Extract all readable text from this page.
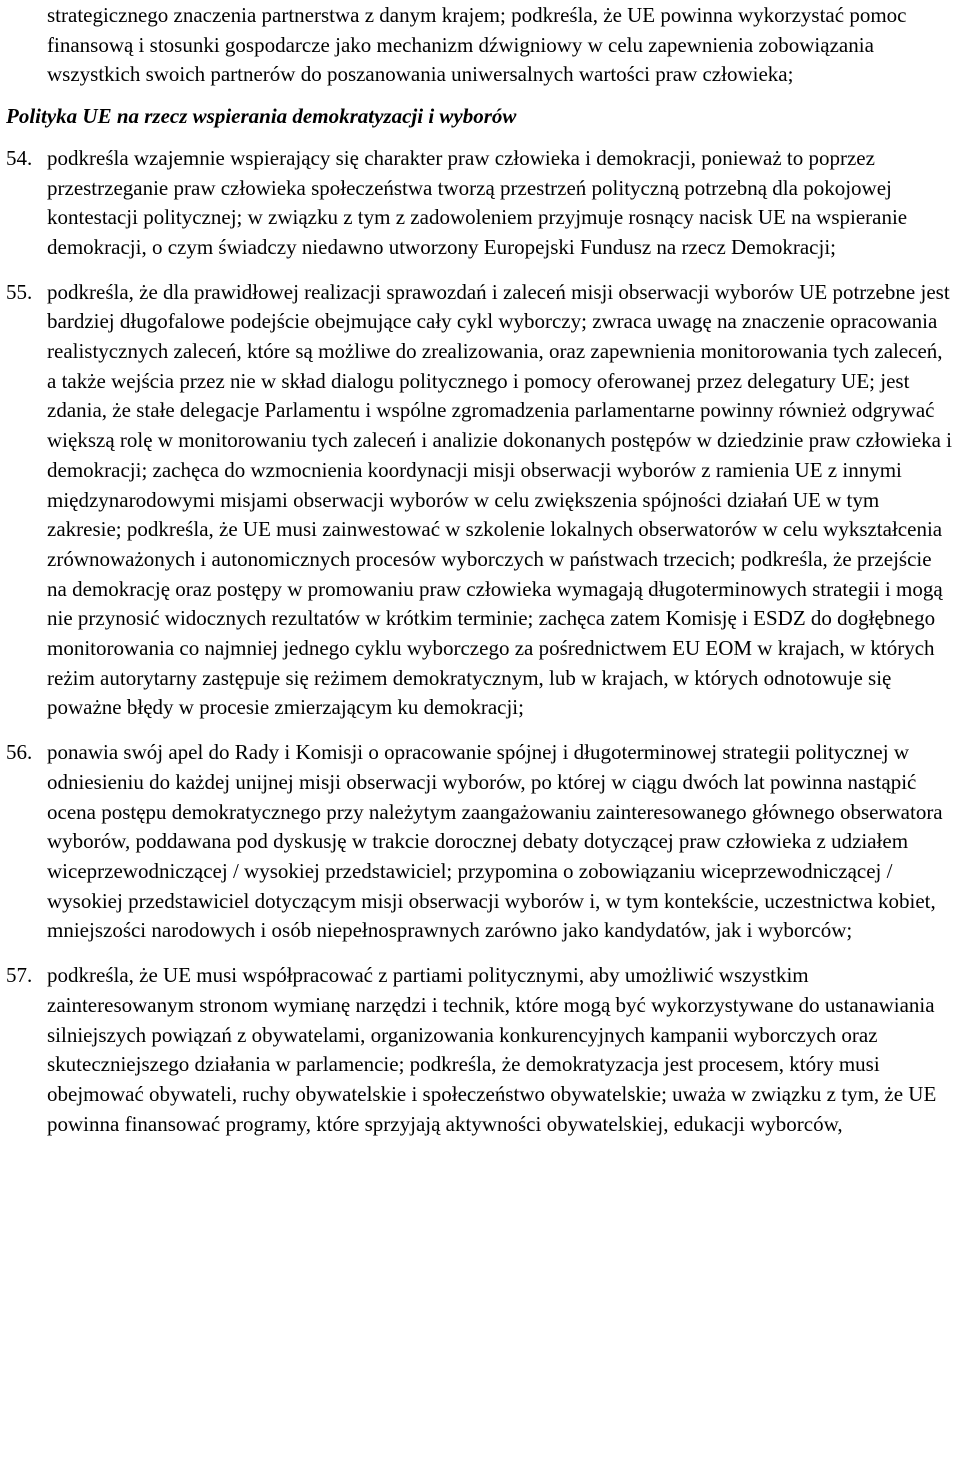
strategicznego znaczenia partnerstwa z danym krajem; podkreśla, że UE powinna wykorzystać pomoc finansową i stosunki gospodarcze jako mechanizm dźwigniowy w celu zapewnienia zobowiązania wszystkich swoich partnerów do poszanowania uniwersalnych wartości praw człowieka;

Polityka UE na rzecz wspierania demokratyzacji i wyborów
54. podkreśla wzajemnie wspierający się charakter praw człowieka i demokracji, ponieważ to poprzez przestrzeganie praw człowieka społeczeństwa tworzą przestrzeń polityczną potrzebną dla pokojowej kontestacji politycznej; w związku z tym z zadowoleniem przyjmuje rosnący nacisk UE na wspieranie demokracji, o czym świadczy niedawno utworzony Europejski Fundusz na rzecz Demokracji;

55. podkreśla, że dla prawidłowej realizacji sprawozdań i zaleceń misji obserwacji wyborów UE potrzebne jest bardziej długofalowe podejście obejmujące cały cykl wyborczy; zwraca uwagę na znaczenie opracowania realistycznych zaleceń, które są możliwe do zrealizowania, oraz zapewnienia monitorowania tych zaleceń, a także wejścia przez nie w skład dialogu politycznego i pomocy oferowanej przez delegatury UE; jest zdania, że stałe delegacje Parlamentu i wspólne zgromadzenia parlamentarne powinny również odgrywać większą rolę w monitorowaniu tych zaleceń i analizie dokonanych postępów w dziedzinie praw człowieka i demokracji; zachęca do wzmocnienia koordynacji misji obserwacji wyborów z ramienia UE z innymi międzynarodowymi misjami obserwacji wyborów w celu zwiększenia spójności działań UE w tym zakresie; podkreśla, że UE musi zainwestować w szkolenie lokalnych obserwatorów w celu wykształcenia zrównoważonych i autonomicznych procesów wyborczych w państwach trzecich; podkreśla, że przejście na demokrację oraz postępy w promowaniu praw człowieka wymagają długoterminowych strategii i mogą nie przynosić widocznych rezultatów w krótkim terminie; zachęca zatem Komisję i ESDZ do dogłębnego monitorowania co najmniej jednego cyklu wyborczego za pośrednictwem EU EOM w krajach, w których reżim autorytarny zastępuje się reżimem demokratycznym, lub w krajach, w których odnotowuje się poważne błędy w procesie zmierzającym ku demokracji;

56. ponawia swój apel do Rady i Komisji o opracowanie spójnej i długoterminowej strategii politycznej w odniesieniu do każdej unijnej misji obserwacji wyborów, po której w ciągu dwóch lat powinna nastąpić ocena postępu demokratycznego przy należytym zaangażowaniu zainteresowanego głównego obserwatora wyborów, poddawana pod dyskusję w trakcie dorocznej debaty dotyczącej praw człowieka z udziałem wiceprzewodniczącej / wysokiej przedstawiciel; przypomina o zobowiązaniu wiceprzewodniczącej / wysokiej przedstawiciel dotyczącym misji obserwacji wyborów i, w tym kontekście, uczestnictwa kobiet, mniejszości narodowych i osób niepełnosprawnych zarówno jako kandydatów, jak i wyborców;

57. podkreśla, że UE musi współpracować z partiami politycznymi, aby umożliwić wszystkim zainteresowanym stronom wymianę narzędzi i technik, które mogą być wykorzystywane do ustanawiania silniejszych powiązań z obywatelami, organizowania konkurencyjnych kampanii wyborczych oraz skuteczniejszego działania w parlamencie; podkreśla, że demokratyzacja jest procesem, który musi obejmować obywateli, ruchy obywatelskie i społeczeństwo obywatelskie; uważa w związku z tym, że UE powinna finansować programy, które sprzyjają aktywności obywatelskiej, edukacji wyborców,
